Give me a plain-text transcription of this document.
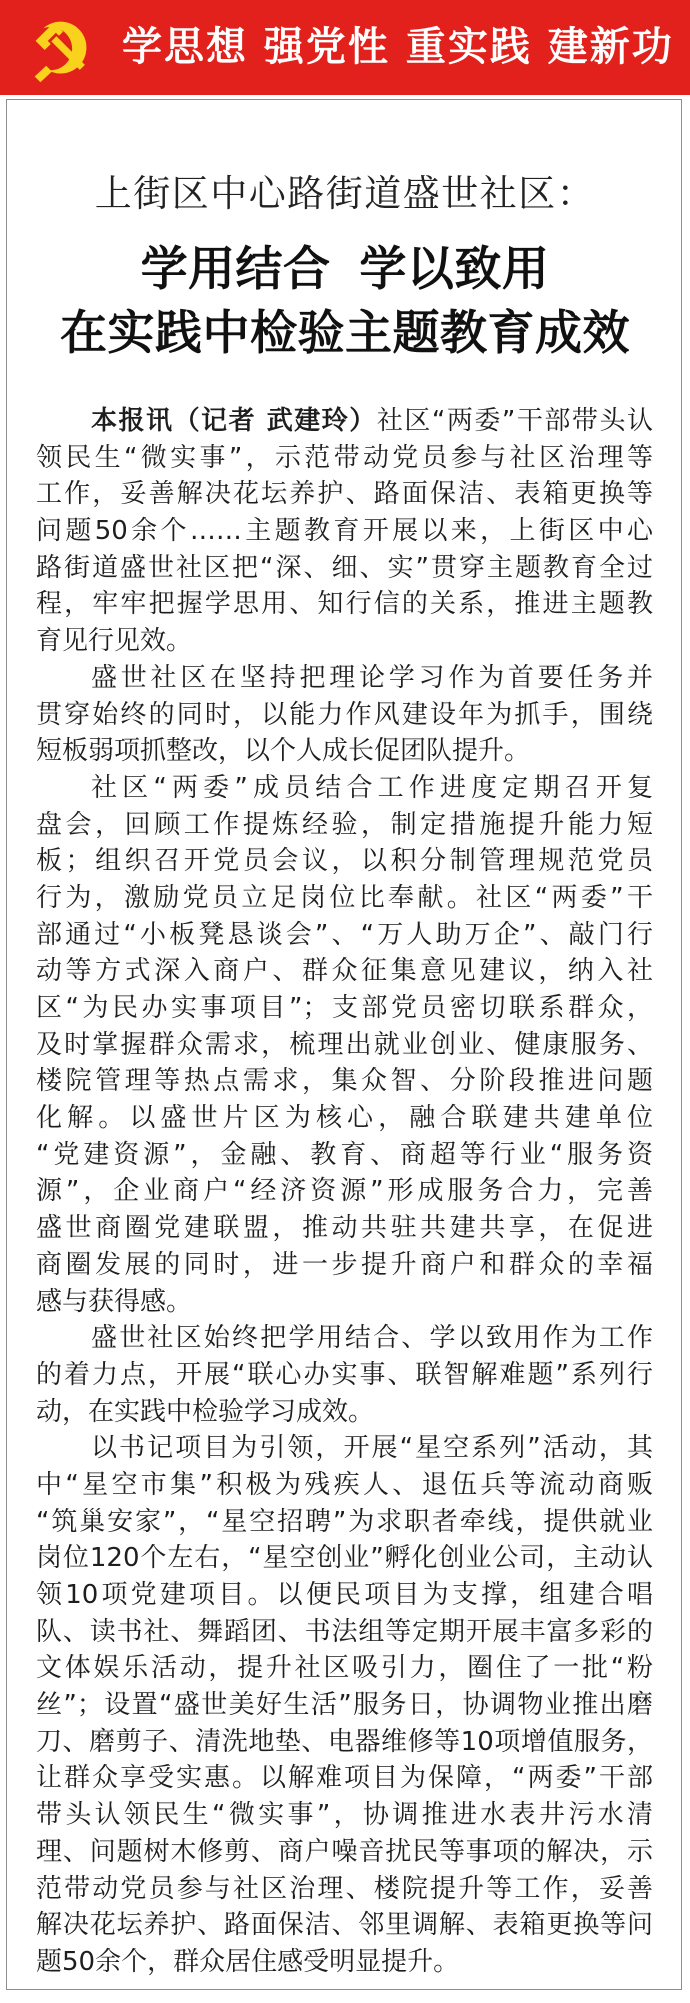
学思想 强党性 重实践 建新功
上街区中心路街道盛世社区：
学用结合 学以致用
在实践中检验主题教育成效
本报讯（记者 武建玲）社区“两委”干部带头认
领民生“微实事”，示范带动党员参与社区治理等
工作，妥善解决花坛养护、路面保洁、表箱更换等
问题50余个……主题教育开展以来，上街区中心
路街道盛世社区把“深、细、实”贯穿主题教育全过
程，牢牢把握学思用、知行信的关系，推进主题教
育见行见效。
盛世社区在坚持把理论学习作为首要任务并
贯穿始终的同时，以能力作风建设年为抓手，围绕
短板弱项抓整改，以个人成长促团队提升。
社区“两委”成员结合工作进度定期召开复
盘会，回顾工作提炼经验，制定措施提升能力短
板；组织召开党员会议，以积分制管理规范党员
行为，激励党员立足岗位比奉献。社区“两委”干
部通过“小板凳恳谈会”、“万人助万企”、敲门行
动等方式深入商户、群众征集意见建议，纳入社
区“为民办实事项目”；支部党员密切联系群众，
及时掌握群众需求，梳理出就业创业、健康服务、
楼院管理等热点需求，集众智、分阶段推进问题
化解。以盛世片区为核心，融合联建共建单位
“党建资源”，金融、教育、商超等行业“服务资
源”，企业商户“经济资源”形成服务合力，完善
盛世商圈党建联盟，推动共驻共建共享，在促进
商圈发展的同时，进一步提升商户和群众的幸福
感与获得感。
盛世社区始终把学用结合、学以致用作为工作
的着力点，开展“联心办实事、联智解难题”系列行
动，在实践中检验学习成效。
以书记项目为引领，开展“星空系列”活动，其
中“星空市集”积极为残疾人、退伍兵等流动商贩
“筑巢安家”，“星空招聘”为求职者牵线，提供就业
岗位120个左右，“星空创业”孵化创业公司，主动认
领10项党建项目。以便民项目为支撑，组建合唱
队、读书社、舞蹈团、书法组等定期开展丰富多彩的
文体娱乐活动，提升社区吸引力，圈住了一批“粉
丝”；设置“盛世美好生活”服务日，协调物业推出磨
刀、磨剪子、清洗地垫、电器维修等10项增值服务，
让群众享受实惠。以解难项目为保障，“两委”干部
带头认领民生“微实事”，协调推进水表井污水清
理、问题树木修剪、商户噪音扰民等事项的解决，示
范带动党员参与社区治理、楼院提升等工作，妥善
解决花坛养护、路面保洁、邻里调解、表箱更换等问
题50余个，群众居住感受明显提升。
